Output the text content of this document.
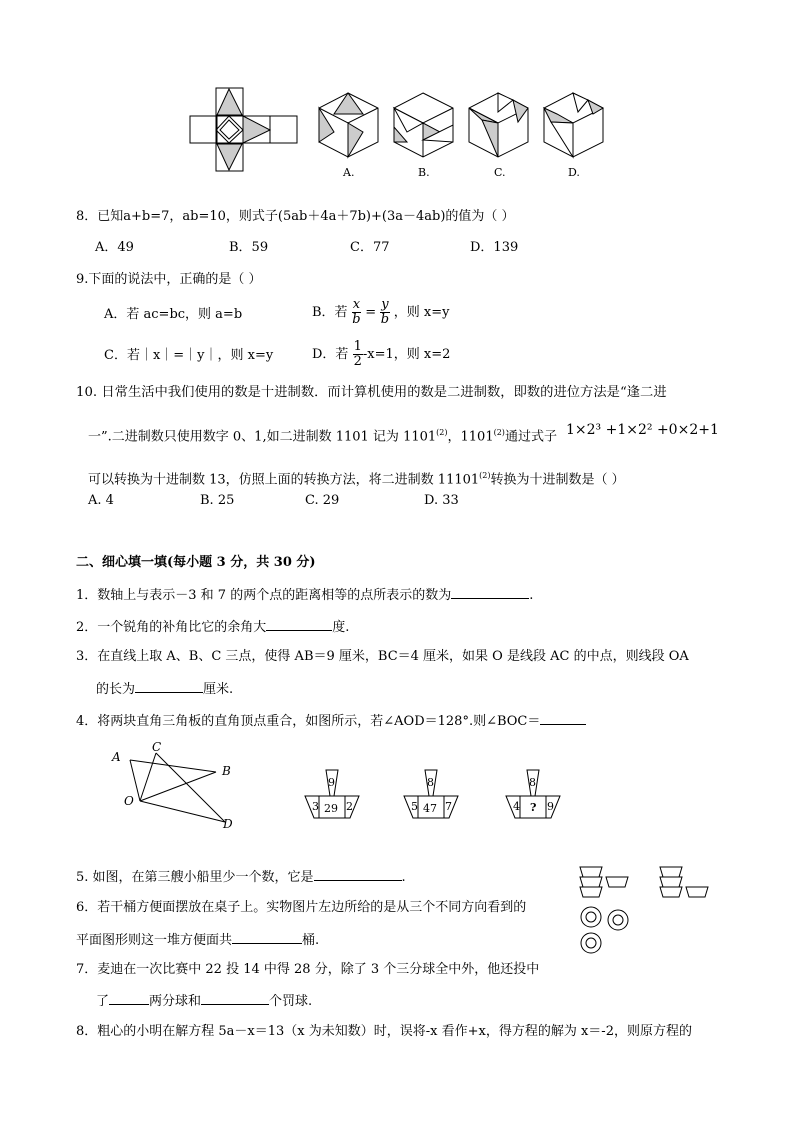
A.	B.	C.	D.
8．已知a+b=7，ab=10，则式子(5ab＋4a＋7b)+(3a－4ab)的值为（ ）
A．49	B．59	C．77	D．139
9.下面的说法中，正确的是（ ）
A．若 ac=bc，则 a=b	B．若 $\frac{x}{b} = \frac{y}{b}$ ，则 x=y
C．若｜x｜=｜y｜，则 x=y	D．若 $\frac{1}{2} -x=1$，则 x=2
10. 日常生活中我们使用的数是十进制数．而计算机使用的数是二进制数，即数的进位方法是“逢二进
一”.二进制数只使用数字 0、1,如二进制数 1101 记为 1101$^{(2)}$，1101$^{(2)}$通过式子 1×2³ +1×2² +0×2+1
可以转换为十进制数 13，仿照上面的转换方法，将二进制数 11101$^{(2)}$转换为十进制数是（ ）
A. 4	B. 25	C. 29	D. 33
二、细心填一填(每小题 3 分，共 30 分)
1．数轴上与表示－3 和 7 的两个点的距离相等的点所表示的数为	.
2．一个锐角的补角比它的余角大	度.
3．在直线上取 A、B、C 三点，使得 AB＝9 厘米，BC＝4 厘米，如果 O 是线段 AC 的中点，则线段 OA
的长为	厘米.
4．将两块直角三角板的直角顶点重合，如图所示，若∠AOD＝128°.则∠BOC＝
A
C
B
O
D
9
3 29 2
8
5 47 7
8
4 ? 9
5. 如图，在第三艘小船里少一个数，它是	.
6．若干桶方便面摆放在桌子上。实物图片左边所给的是从三个不同方向看到的
平面图形则这一堆方便面共	桶.
7．麦迪在一次比赛中 22 投 14 中得 28 分，除了 3 个三分球全中外，他还投中
了	两分球和	个罚球.
8．粗心的小明在解方程 5a－x＝13（x 为未知数）时，误将-x 看作+x，得方程的解为 x＝-2，则原方程的
